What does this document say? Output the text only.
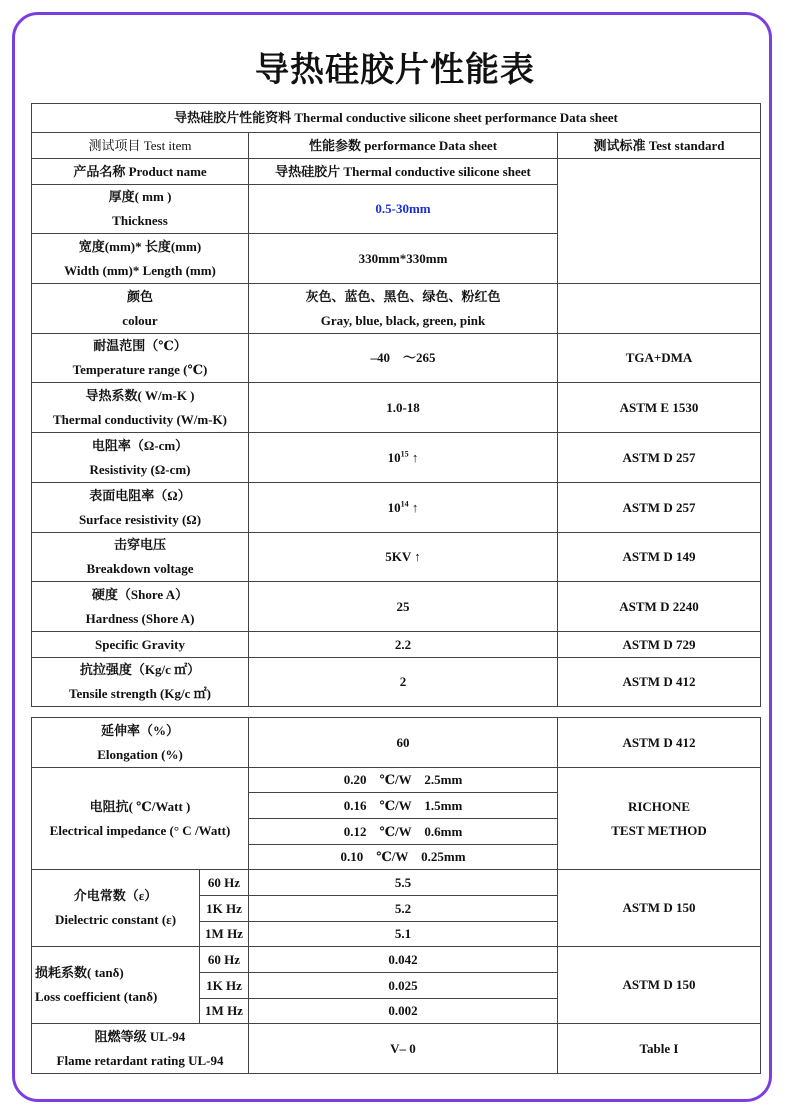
导热硅胶片性能表
导热硅胶片性能资料 Thermal conductive silicone sheet performance Data sheet		
测试项目 Test item	性能参数 performance Data sheet	测试标准 Test standard
产品名称 Product name	导热硅胶片 Thermal conductive silicone sheet	

厚度( mm )
Thickness	0.5-30mm	

宽度(mm)* 长度(mm)
Width (mm)* Length (mm)	330mm*330mm	

颜色
colour	灰色、蓝色、黑色、绿色、粉红色
Gray, blue, black, green, pink	

耐温范围（℃）
Temperature range (℃)	–40　～265	TGA+DMA

导热系数( W/m-K )
Thermal conductivity (W/m-K)	1.0-18	ASTM E 1530

电阻率（Ω-cm）
Resistivity (Ω-cm)	$10^{15}$ ↑	ASTM D 257

表面电阻率（Ω）
Surface resistivity (Ω)	$10^{14}$ ↑	ASTM D 257

击穿电压
Breakdown voltage	5KV ↑	ASTM D 149

硬度（Shore A）
Hardness (Shore A)	25	ASTM D 2240
Specific Gravity	2.2	ASTM D 729

抗拉强度（Kg/c ㎡）
Tensile strength (Kg/c ㎡)	2	ASTM D 412
延伸率（%）
Elongation (%)		60	ASTM D 412

电阻抗( ℃/Watt )
Electrical impedance (° C /Watt)		0.20　℃/W　2.5mm	RICHONE
TEST METHOD

		0.16　℃/W　1.5mm	
		0.12　℃/W　0.6mm	
		0.10　℃/W　0.25mm	

介电常数（ε）
Dielectric constant (ε)	60 Hz	5.5	ASTM D 150
	1K Hz	5.2	
	1M Hz	5.1	

损耗系数( tanδ)
Loss coefficient (tanδ)	60 Hz	0.042	ASTM D 150
	1K Hz	0.025	
	1M Hz	0.002	

阻燃等级 UL-94
Flame retardant rating UL-94		V– 0	Table I
